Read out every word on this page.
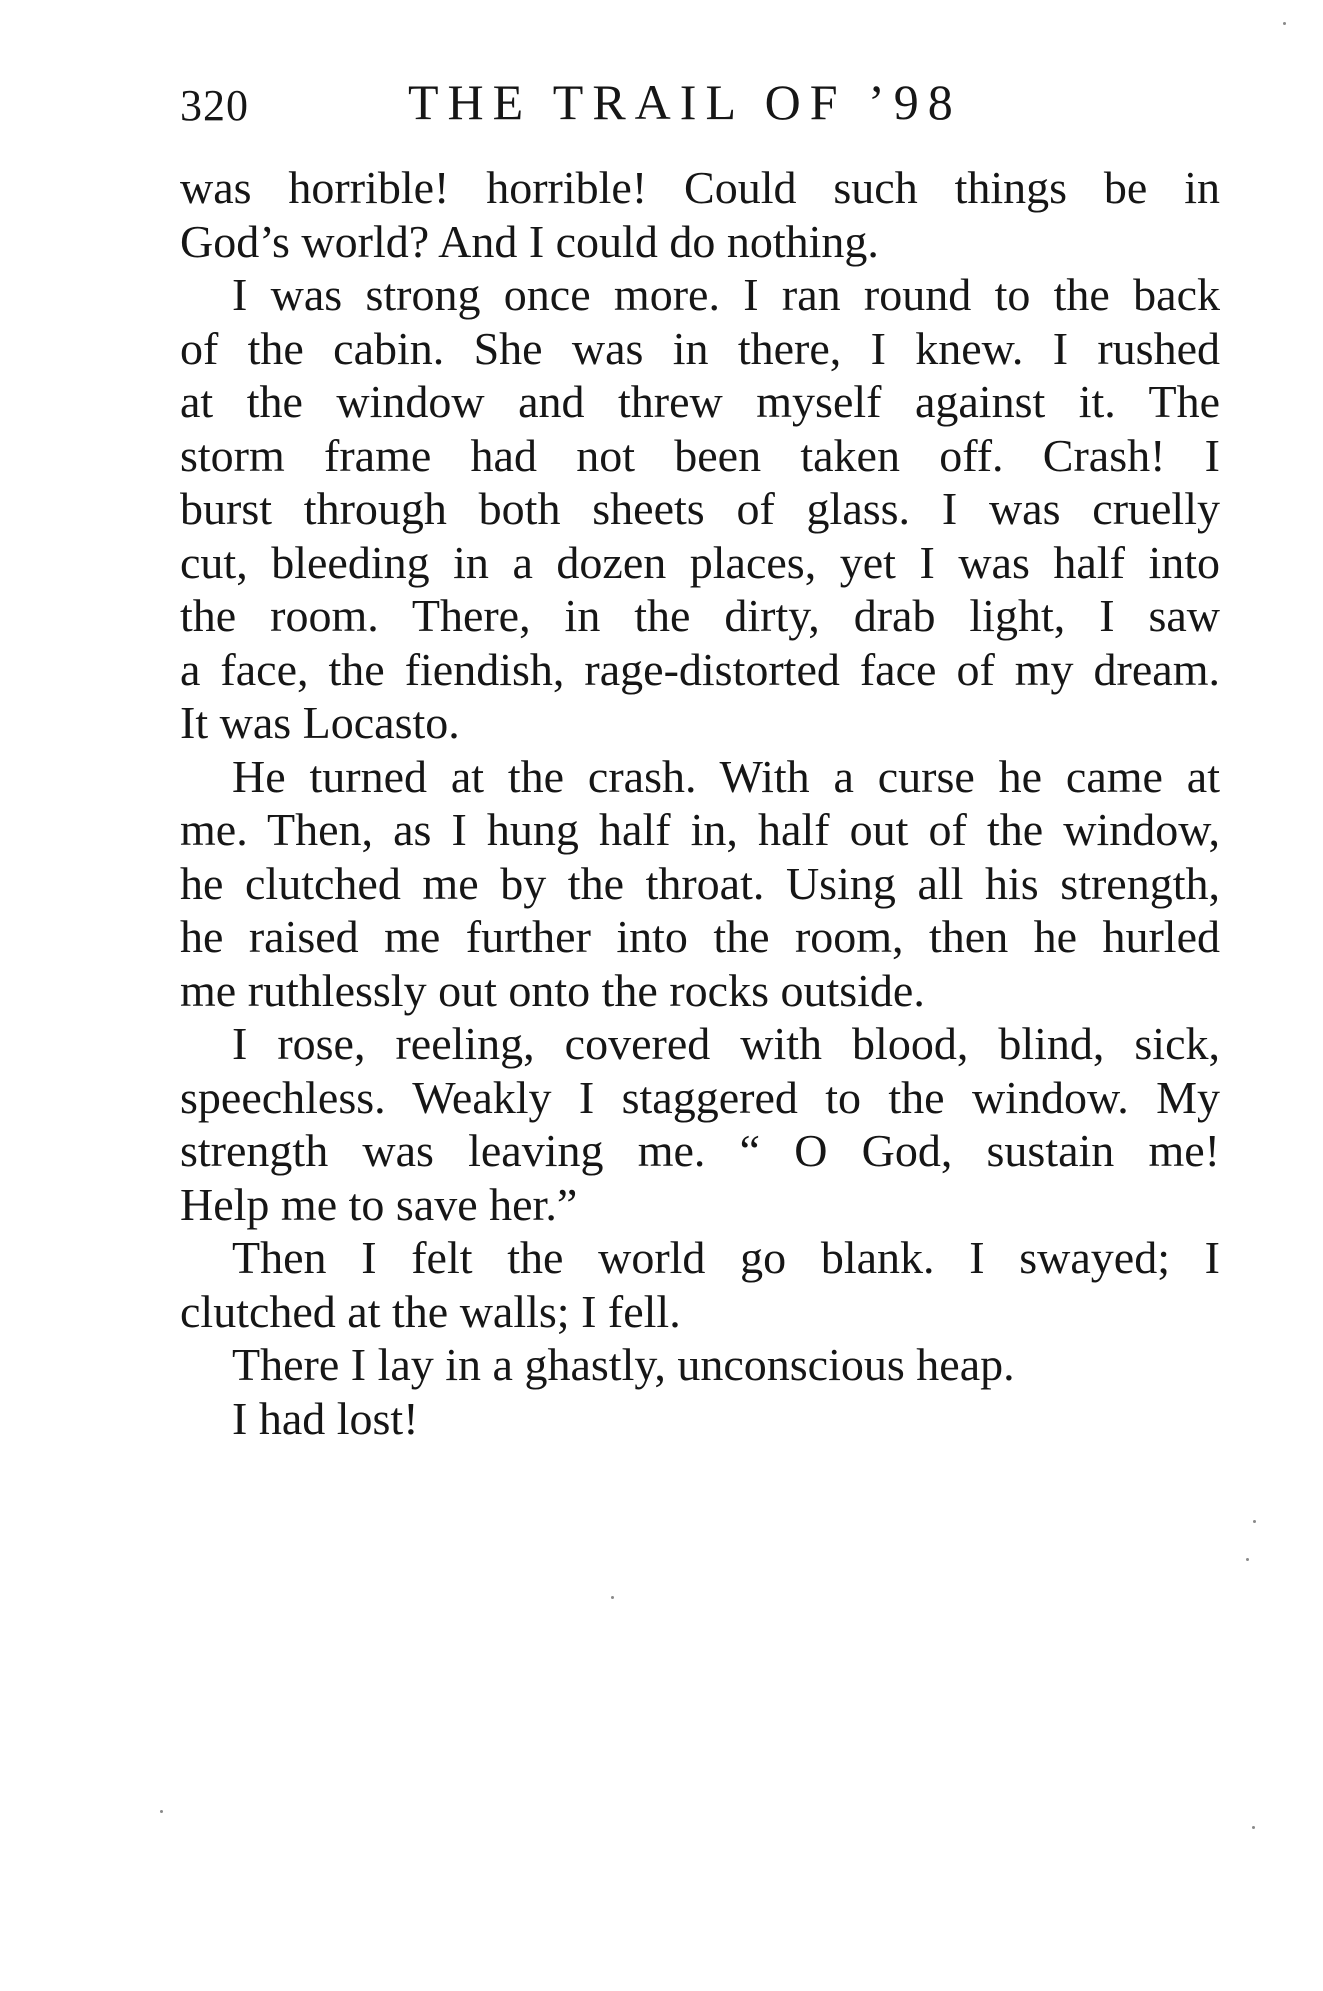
320	THE TRAIL OF ’98
was horrible! horrible! Could such things be in
God’s world? And I could do nothing.
I was strong once more. I ran round to the back
of the cabin. She was in there, I knew. I rushed
at the window and threw myself against it. The
storm frame had not been taken off. Crash! I
burst through both sheets of glass. I was cruelly
cut, bleeding in a dozen places, yet I was half into
the room. There, in the dirty, drab light, I saw
a face, the fiendish, rage-distorted face of my dream.
It was Locasto.
He turned at the crash. With a curse he came at
me. Then, as I hung half in, half out of the window,
he clutched me by the throat. Using all his strength,
he raised me further into the room, then he hurled
me ruthlessly out onto the rocks outside.
I rose, reeling, covered with blood, blind, sick,
speechless. Weakly I staggered to the window. My
strength was leaving me. “ O God, sustain me!
Help me to save her.”
Then I felt the world go blank. I swayed; I
clutched at the walls; I fell.
There I lay in a ghastly, unconscious heap.
I had lost!
